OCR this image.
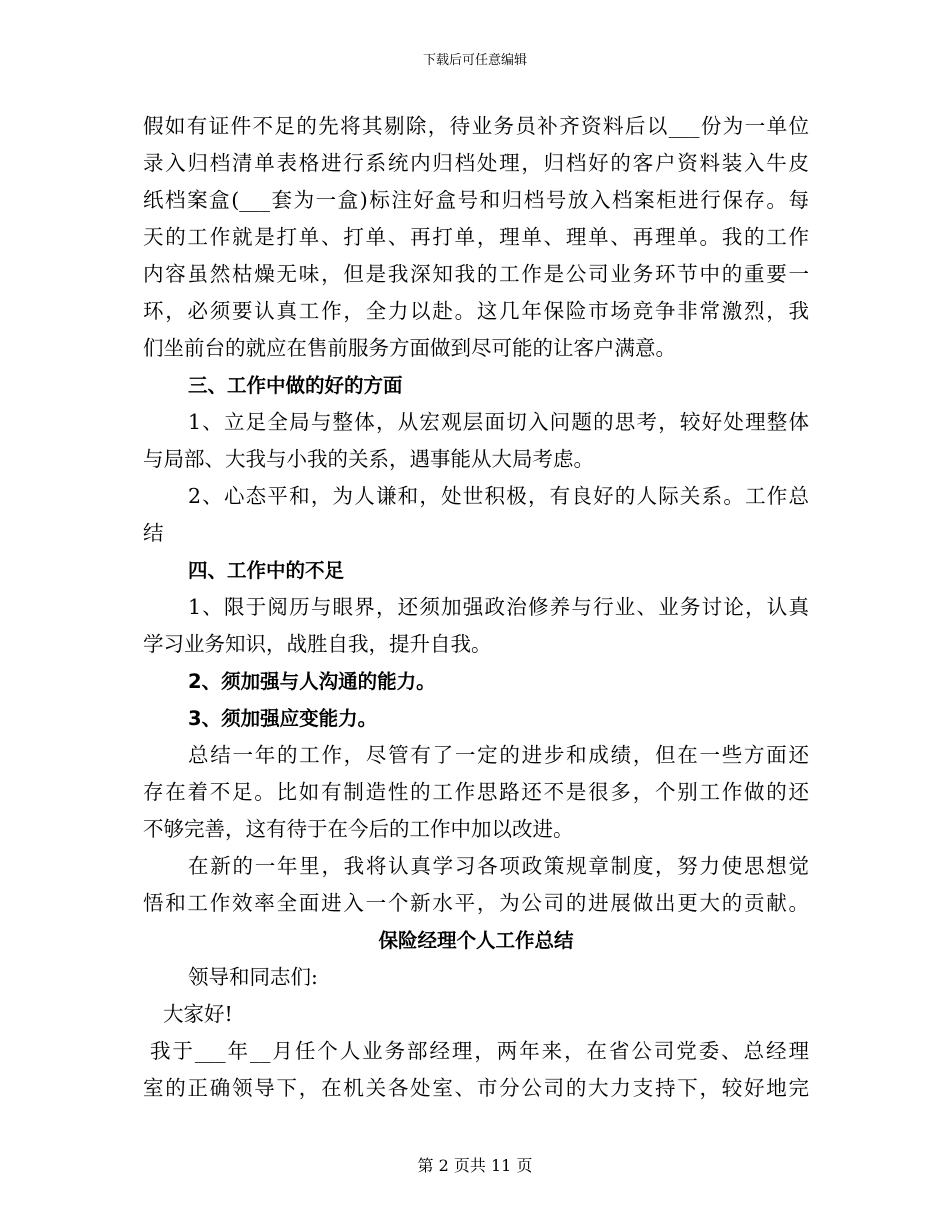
下载后可任意编辑
假如有证件不足的先将其剔除，待业务员补齐资料后以___份为一单位
录入归档清单表格进行系统内归档处理，归档好的客户资料装入牛皮
纸档案盒(___套为一盒)标注好盒号和归档号放入档案柜进行保存。每
天的工作就是打单、打单、再打单，理单、理单、再理单。我的工作
内容虽然枯燥无味，但是我深知我的工作是公司业务环节中的重要一
环，必须要认真工作，全力以赴。这几年保险市场竞争非常激烈，我
们坐前台的就应在售前服务方面做到尽可能的让客户满意。
三、工作中做的好的方面
1、立足全局与整体，从宏观层面切入问题的思考，较好处理整体
与局部、大我与小我的关系，遇事能从大局考虑。
2、心态平和，为人谦和，处世积极，有良好的人际关系。工作总
结
四、工作中的不足
1、限于阅历与眼界，还须加强政治修养与行业、业务讨论，认真
学习业务知识，战胜自我，提升自我。
2、须加强与人沟通的能力。
3、须加强应变能力。
总结一年的工作，尽管有了一定的进步和成绩，但在一些方面还
存在着不足。比如有制造性的工作思路还不是很多，个别工作做的还
不够完善，这有待于在今后的工作中加以改进。
在新的一年里，我将认真学习各项政策规章制度，努力使思想觉
悟和工作效率全面进入一个新水平，为公司的进展做出更大的贡献。
保险经理个人工作总结
领导和同志们:
大家好!
我于___年__月任个人业务部经理，两年来，在省公司党委、总经理
室的正确领导下，在机关各处室、市分公司的大力支持下，较好地完
第 2 页共 11 页
